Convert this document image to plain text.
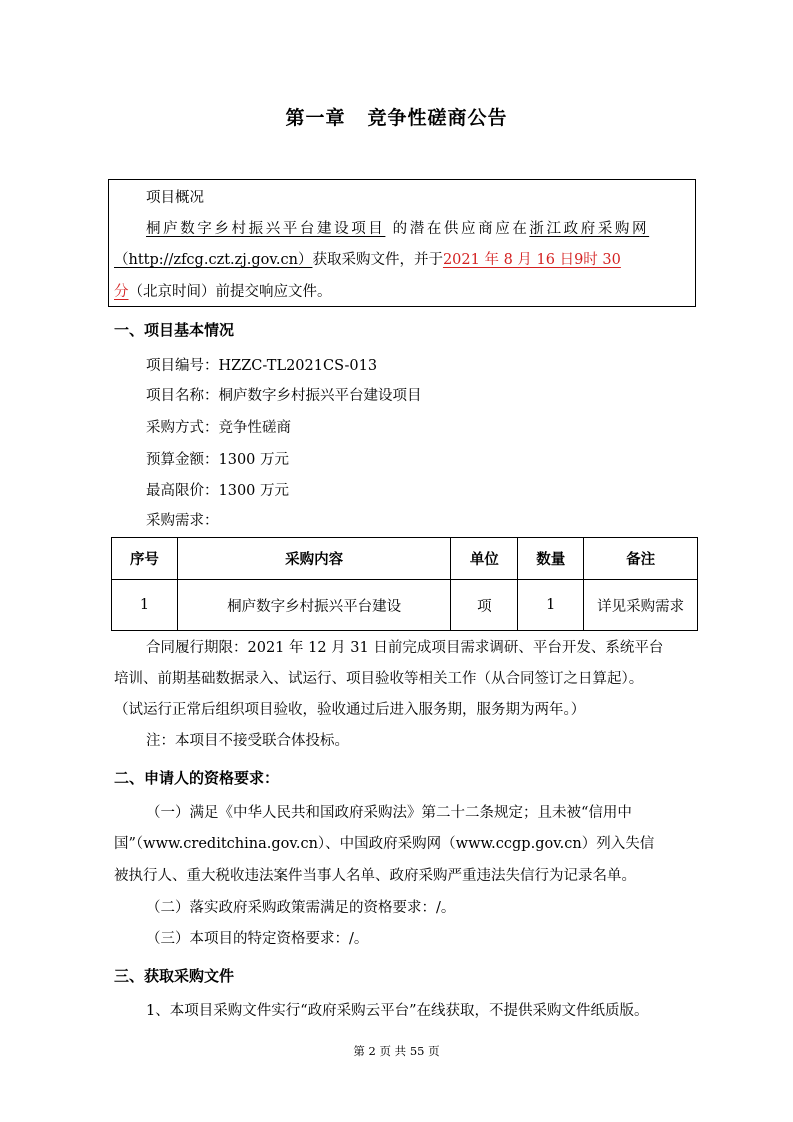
第一章 竞争性磋商公告
项目概况
桐庐数字乡村振兴平台建设项目 的潜在供应商应在浙江政府采购网
（http://zfcg.czt.zj.gov.cn）获取采购文件，并于2021 年 8 月 16 日9时 30
分（北京时间）前提交响应文件。
一、项目基本情况
项目编号：HZZC-TL2021CS-013
项目名称：桐庐数字乡村振兴平台建设项目
采购方式：竞争性磋商
预算金额：1300 万元
最高限价：1300 万元
采购需求：
序号	采购内容	单位	数量	备注
1	桐庐数字乡村振兴平台建设	项	1	详见采购需求
合同履行期限：2021 年 12 月 31 日前完成项目需求调研、平台开发、系统平台
培训、前期基础数据录入、试运行、项目验收等相关工作（从合同签订之日算起）。
（试运行正常后组织项目验收，验收通过后进入服务期，服务期为两年。）
注：本项目不接受联合体投标。
二、申请人的资格要求：
（一）满足《中华人民共和国政府采购法》第二十二条规定；且未被“信用中
国”（www.creditchina.gov.cn）、中国政府采购网（www.ccgp.gov.cn）列入失信
被执行人、重大税收违法案件当事人名单、政府采购严重违法失信行为记录名单。
（二）落实政府采购政策需满足的资格要求：/。
（三）本项目的特定资格要求：/。
三、获取采购文件
1、本项目采购文件实行“政府采购云平台”在线获取，不提供采购文件纸质版。
第 2 页 共 55 页
